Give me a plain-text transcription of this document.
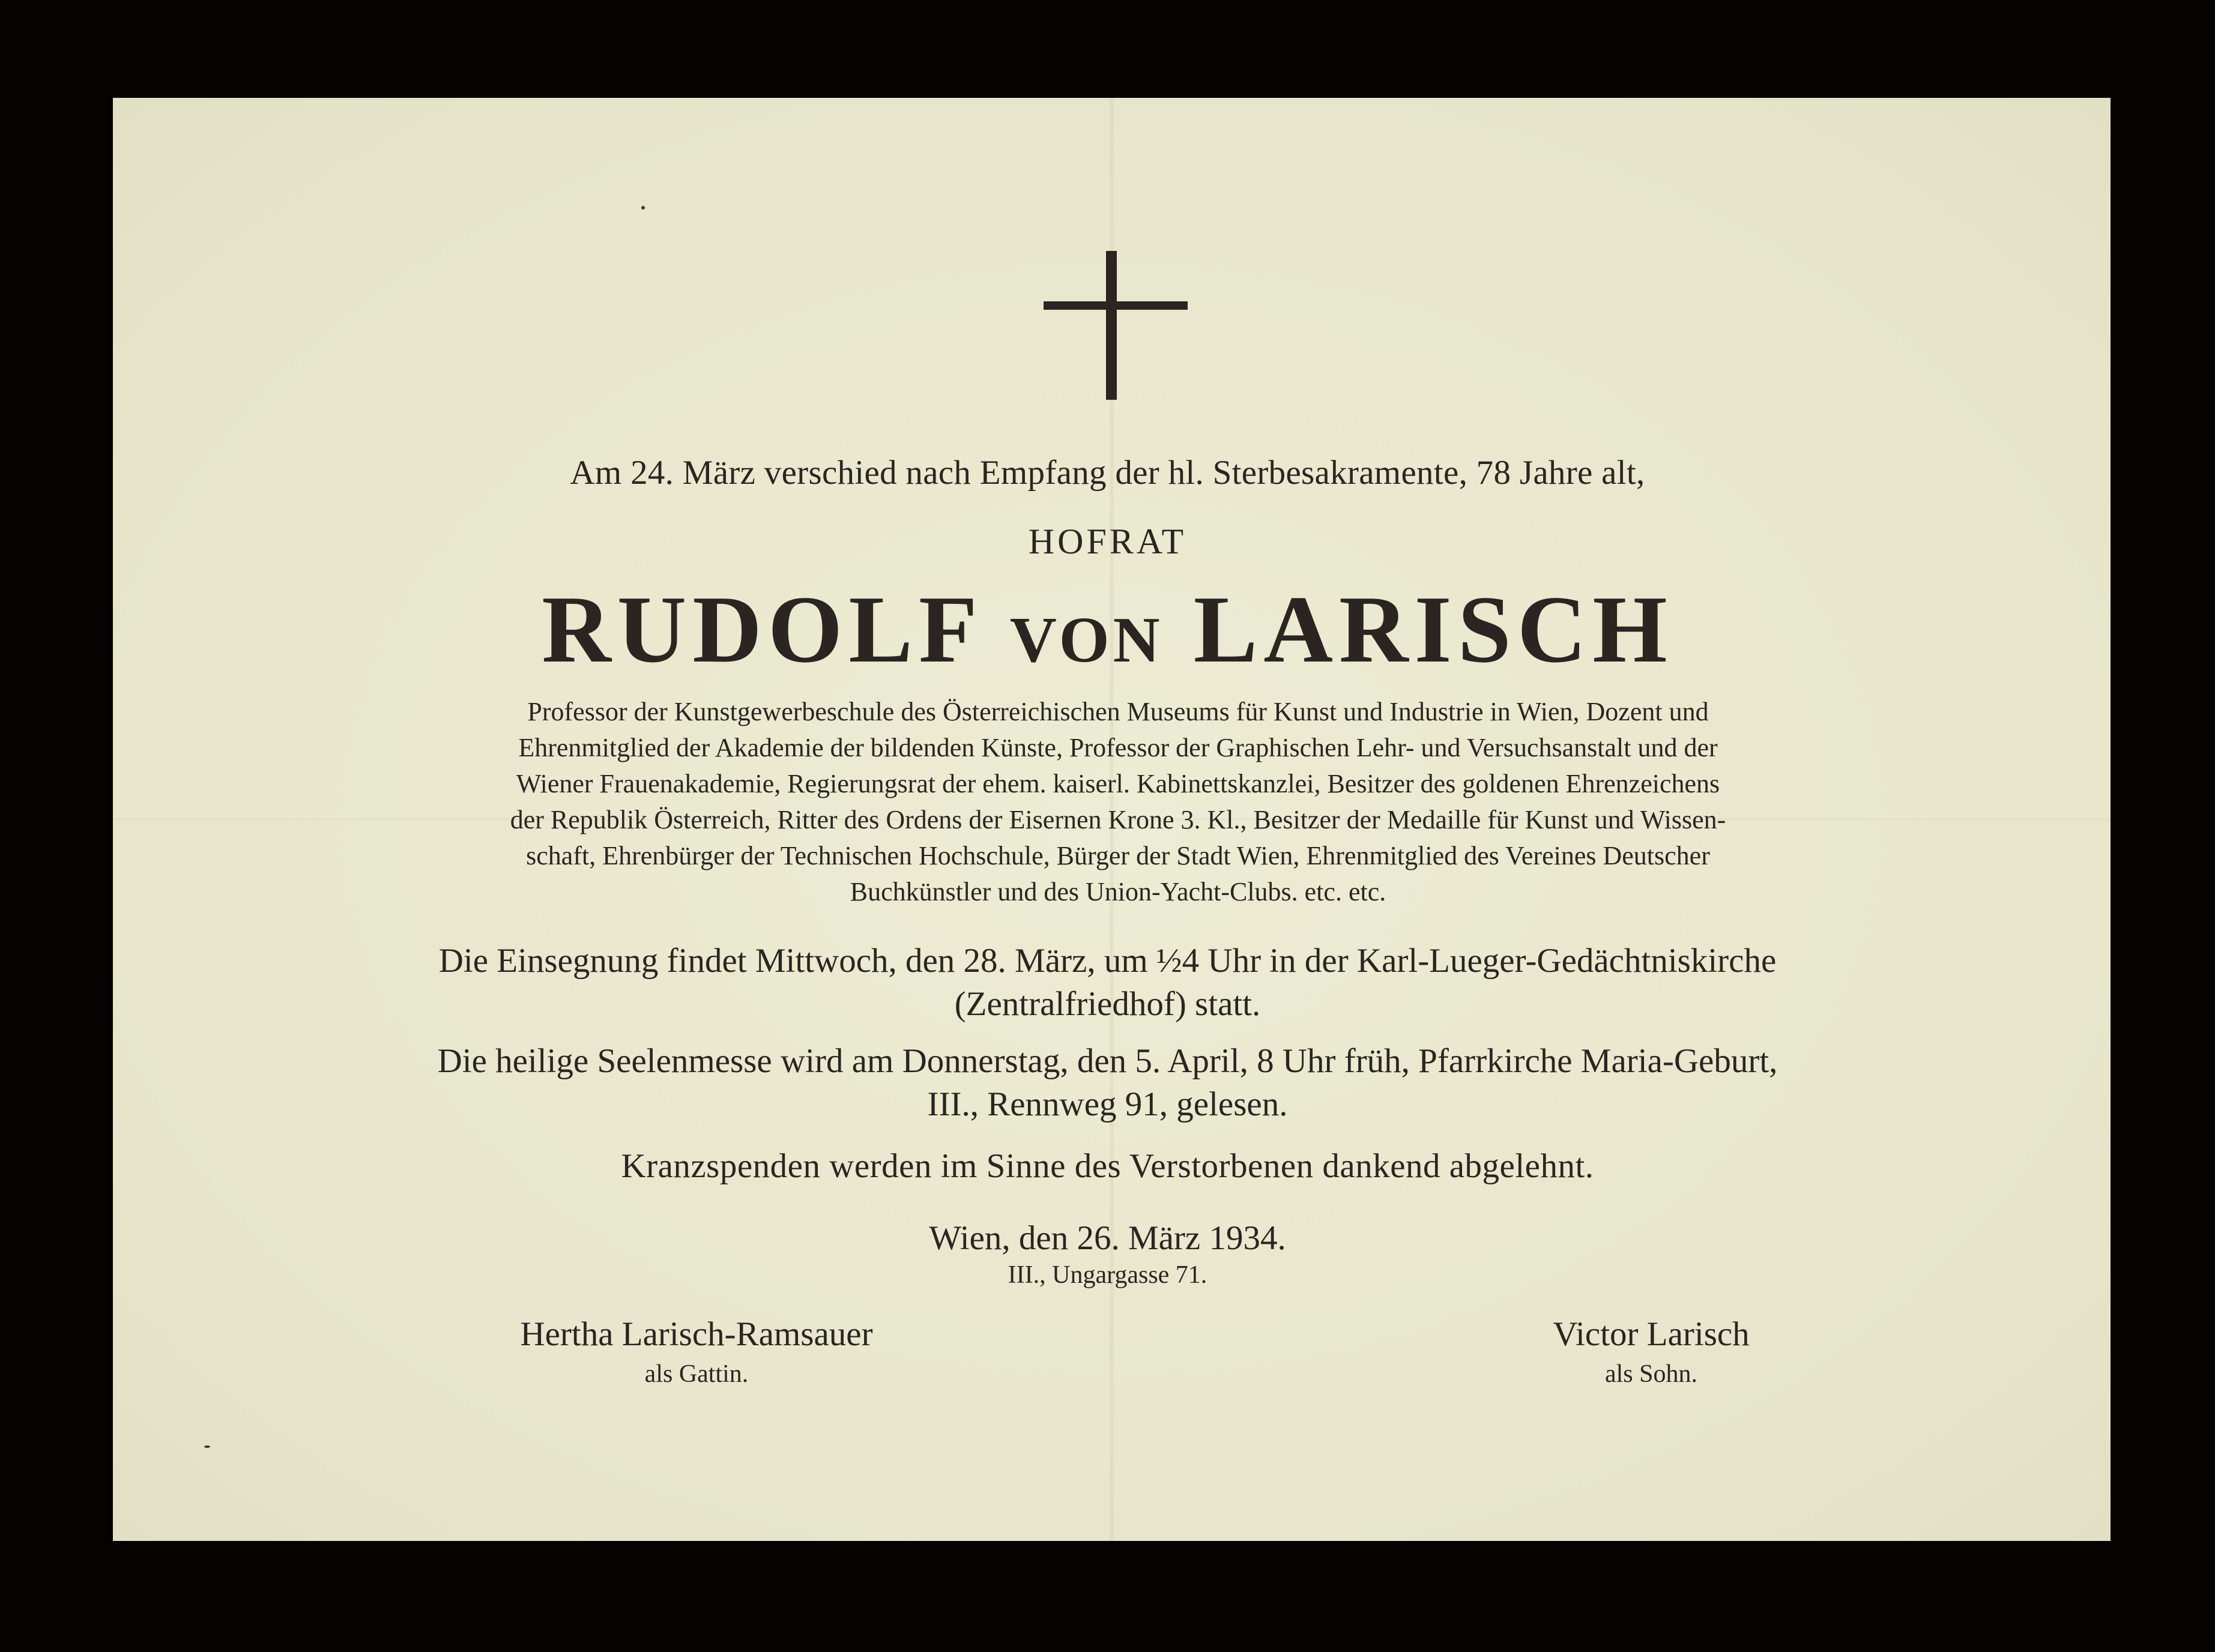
Am 24. März verschied nach Empfang der hl. Sterbesakramente, 78 Jahre alt,
HOFRAT
RUDOLF VON LARISCH
Professor der Kunstgewerbeschule des Österreichischen Museums für Kunst und Industrie in Wien, Dozent und
Ehrenmitglied der Akademie der bildenden Künste, Professor der Graphischen Lehr- und Versuchsanstalt und der
Wiener Frauenakademie, Regierungsrat der ehem. kaiserl. Kabinettskanzlei, Besitzer des goldenen Ehrenzeichens
der Republik Österreich, Ritter des Ordens der Eisernen Krone 3. Kl., Besitzer der Medaille für Kunst und Wissen-
schaft, Ehrenbürger der Technischen Hochschule, Bürger der Stadt Wien, Ehrenmitglied des Vereines Deutscher
Buchkünstler und des Union-Yacht-Clubs. etc. etc.
Die Einsegnung findet Mittwoch, den 28. März, um ½4 Uhr in der Karl-Lueger-Gedächtniskirche
(Zentralfriedhof) statt.
Die heilige Seelenmesse wird am Donnerstag, den 5. April, 8 Uhr früh, Pfarrkirche Maria-Geburt,
III., Rennweg 91, gelesen.
Kranzspenden werden im Sinne des Verstorbenen dankend abgelehnt.
Wien, den 26. März 1934.
III., Ungargasse 71.
Hertha Larisch-Ramsauer
als Gattin.
Victor Larisch
als Sohn.
